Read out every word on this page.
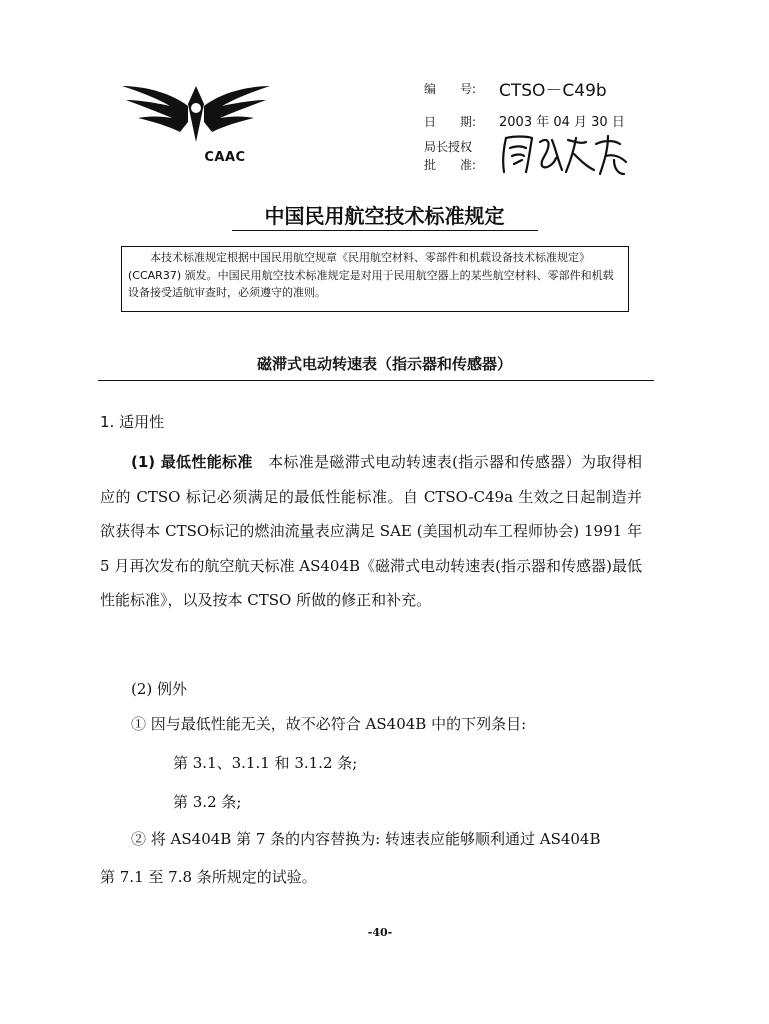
CAAC
编　　号: CTSO－C49b
日　　期: 2003 年 04 月 30 日
局长授权
批　　准:
中国民用航空技术标准规定

本技术标准规定根据中国民用航空规章《民用航空材料、零部件和机载设备技术标准规定》(CCAR37) 颁发。中国民用航空技术标准规定是对用于民用航空器上的某些航空材料、零部件和机载设备接受适航审查时，必须遵守的准则。

磁滞式电动转速表（指示器和传感器）
1. 适用性
(1) 最低性能标准　 本标准是磁滞式电动转速表(指示器和传感器）为取得相应的 CTSO 标记必须满足的最低性能标准。自 CTSO-C49a 生效之日起制造并欲获得本 CTSO标记的燃油流量表应满足 SAE (美国机动车工程师协会) 1991 年 5 月再次发布的航空航天标准 AS404B《磁滞式电动转速表(指示器和传感器)最低性能标准》，以及按本 CTSO 所做的修正和补充。
(2) 例外
① 因与最低性能无关，故不必符合 AS404B 中的下列条目:
第 3.1、3.1.1 和 3.1.2 条;
第 3.2 条;
② 将 AS404B 第 7 条的内容替换为: 转速表应能够顺利通过 AS404B
第 7.1 至 7.8 条所规定的试验。
-40-
